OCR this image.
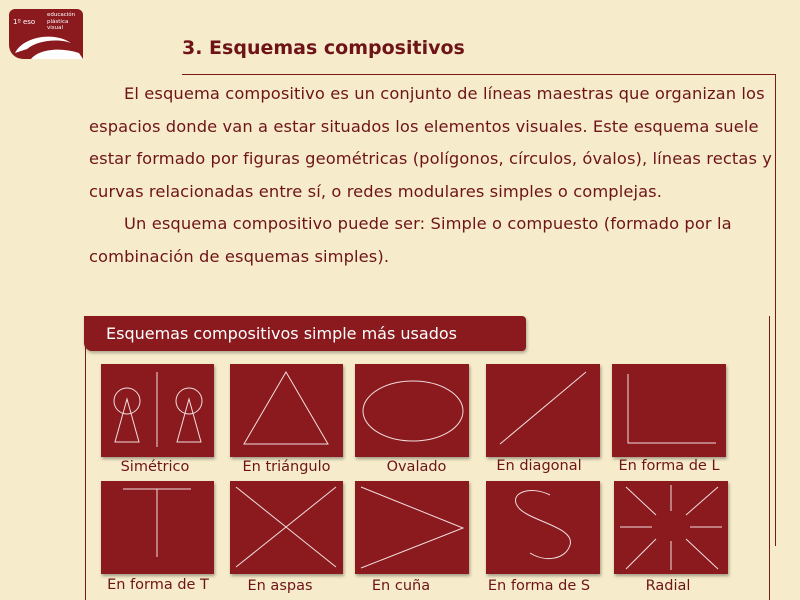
1º eso
educación
plástica
visual
3. Esquemas compositivos

El esquema compositivo es un conjunto de líneas maestras que organizan los espacios donde van a estar situados los elementos visuales. Este esquema suele estar formado por figuras geométricas (polígonos, círculos, óvalos), líneas rectas y curvas relacionadas entre sí, o redes modulares simples o complejas.

Un esquema compositivo puede ser: Simple o compuesto (formado por la combinación de esquemas simples).

Esquemas compositivos simple más usados
Simétrico	En triángulo	Ovalado	En diagonal	En forma de L
En forma de T	En aspas	En cuña	En forma de S	Radial
